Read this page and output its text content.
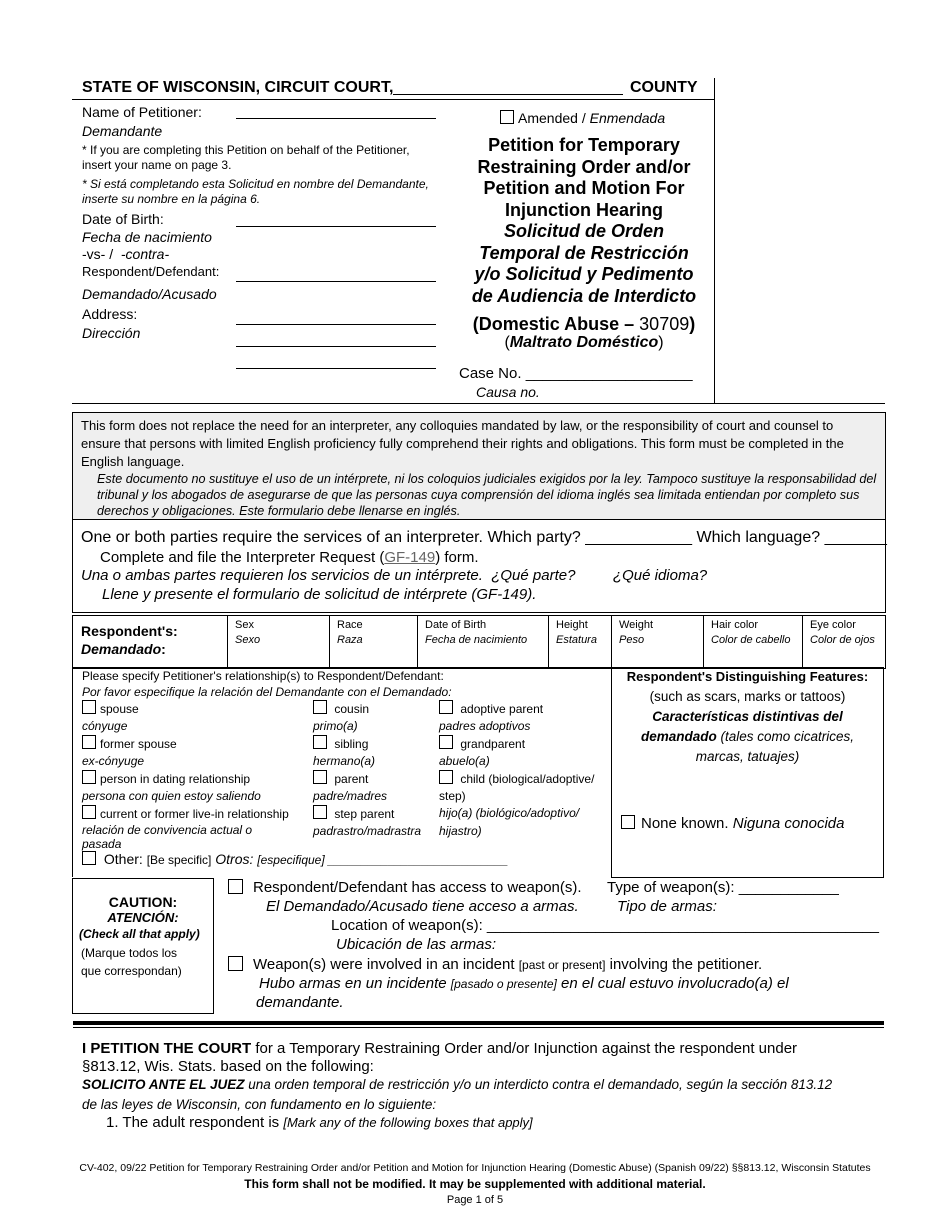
STATE OF WISCONSIN, CIRCUIT COURT,	COUNTY
Name of Petitioner:
Demandante
* If you are completing this Petition on behalf of the Petitioner, insert your name on page 3.
* Si está completando esta Solicitud en nombre del Demandante, inserte su nombre en la página 6.
Date of Birth:
Fecha de nacimiento
-vs- / -contra-
Respondent/Defendant:
Demandado/Acusado
Address:
Dirección
Amended / Enmendada
Petition for Temporary
Restraining Order and/or
Petition and Motion For
Injunction Hearing
Solicitud de Orden
Temporal de Restricción
y/o Solicitud y Pedimento
de Audiencia de Interdicto
(Domestic Abuse – 30709)
(Maltrato Doméstico)
Case No. ____________________
Causa no.
This form does not replace the need for an interpreter, any colloquies mandated by law, or the responsibility of court and counsel to ensure that persons with limited English proficiency fully comprehend their rights and obligations. This form must be completed in the English language.
Este documento no sustituye el uso de un intérprete, ni los coloquios judiciales exigidos por la ley. Tampoco sustituye la responsabilidad del tribunal y los abogados de asegurarse de que las personas cuya comprensión del idioma inglés sea limitada entiendan por completo sus derechos y obligaciones. Este formulario debe llenarse en inglés.
One or both parties require the services of an interpreter. Which party? ____________ Which language? _______
Complete and file the Interpreter Request (GF-149) form.
Una o ambas partes requieren los servicios de un intérprete.  ¿Qué parte?         ¿Qué idioma?
Llene y presente el formulario de solicitud de intérprete (GF-149).
Respondent's:
Demandado:
Sex
Sexo
Race
Raza
Date of Birth
Fecha de nacimiento
Height
Estatura
Weight
Peso
Hair color
Color de cabello
Eye color
Color de ojos
Please specify Petitioner's relationship(s) to Respondent/Defendant:
Por favor especifique la relación del Demandante con el Demandado:
spouse
cónyuge
former spouse
ex-cónyuge
person in dating relationship
persona con quien estoy saliendo
current or former live-in relationship
relación de convivencia actual o
pasada
cousin
primo(a)
sibling
hermano(a)
parent
padre/madres
step parent
padrastro/madrastra
adoptive parent
padres adoptivos
grandparent
abuelo(a)
child (biological/adoptive/
step)
hijo(a) (biológico/adoptivo/
hijastro)
Other: [Be specific] Otros: [especifique] ___________________________
Respondent's Distinguishing Features:
(such as scars, marks or tattoos)
Características distintivas del
demandado (tales como cicatrices,
marcas, tatuajes)
None known. Niguna conocida
CAUTION:
ATENCIÓN:
(Check all that apply)
(Marque todos los
que correspondan)
Respondent/Defendant has access to weapon(s). Type of weapon(s): ____________
El Demandado/Acusado tiene acceso a armas.	Tipo de armas:
Location of weapon(s): _______________________________________________
Ubicación de las armas:
Weapon(s) were involved in an incident [past or present] involving the petitioner.
Hubo armas en un incidente [pasado o presente] en el cual estuvo involucrado(a) el
demandante.
I PETITION THE COURT for a Temporary Restraining Order and/or Injunction against the respondent under
§813.12, Wis. Stats. based on the following:
SOLICITO ANTE EL JUEZ una orden temporal de restricción y/o un interdicto contra el demandado, según la sección 813.12
de las leyes de Wisconsin, con fundamento en lo siguiente:
1. The adult respondent is [Mark any of the following boxes that apply]
CV-402, 09/22 Petition for Temporary Restraining Order and/or Petition and Motion for Injunction Hearing (Domestic Abuse) (Spanish 09/22) §§813.12, Wisconsin Statutes
This form shall not be modified. It may be supplemented with additional material.
Page 1 of 5
